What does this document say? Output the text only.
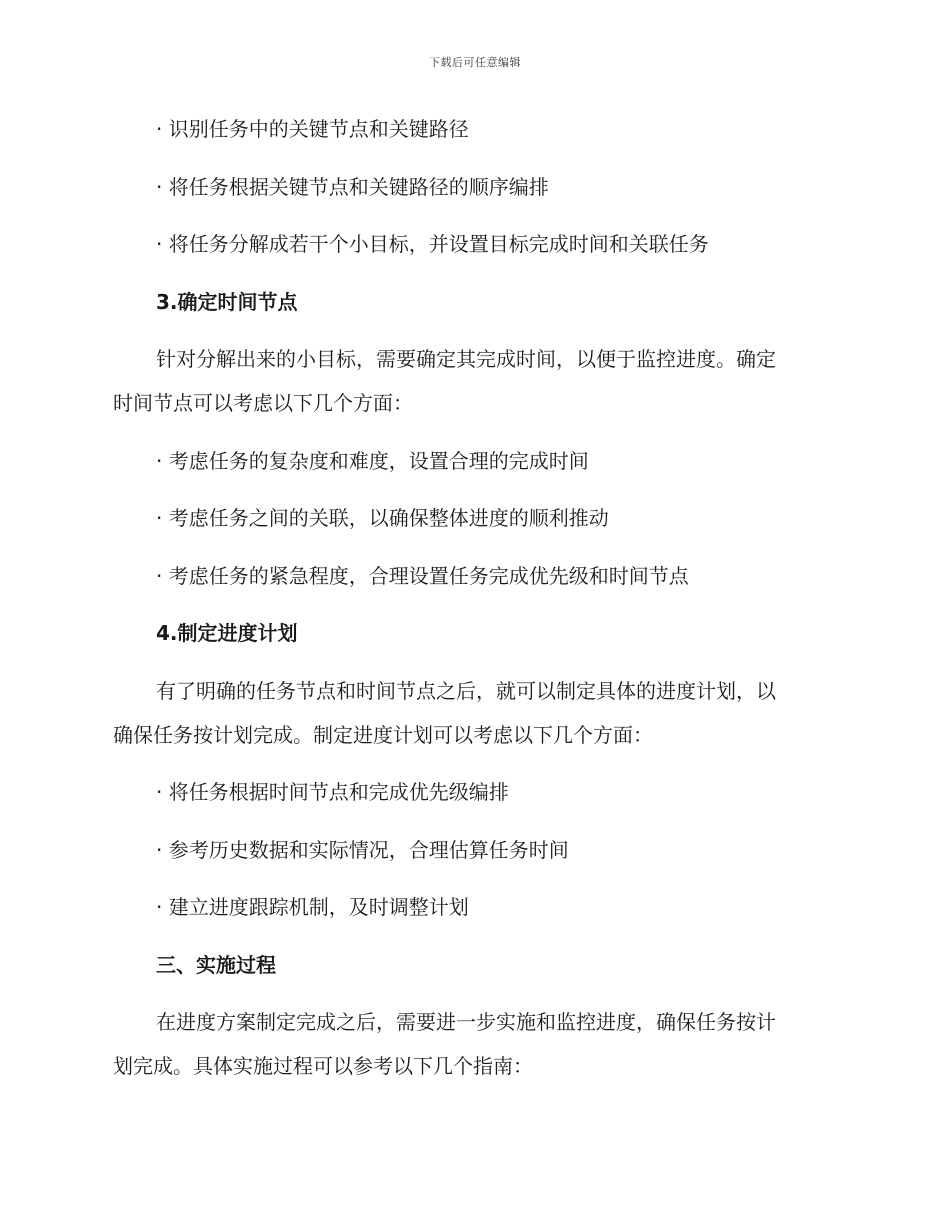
下载后可任意编辑
· 识别任务中的关键节点和关键路径
· 将任务根据关键节点和关键路径的顺序编排
· 将任务分解成若干个小目标，并设置目标完成时间和关联任务
3.确定时间节点
针对分解出来的小目标，需要确定其完成时间，以便于监控进度。确定
时间节点可以考虑以下几个方面：
· 考虑任务的复杂度和难度，设置合理的完成时间
· 考虑任务之间的关联，以确保整体进度的顺利推动
· 考虑任务的紧急程度，合理设置任务完成优先级和时间节点
4.制定进度计划
有了明确的任务节点和时间节点之后，就可以制定具体的进度计划，以
确保任务按计划完成。制定进度计划可以考虑以下几个方面：
· 将任务根据时间节点和完成优先级编排
· 参考历史数据和实际情况，合理估算任务时间
· 建立进度跟踪机制，及时调整计划
三、实施过程
在进度方案制定完成之后，需要进一步实施和监控进度，确保任务按计
划完成。具体实施过程可以参考以下几个指南：
